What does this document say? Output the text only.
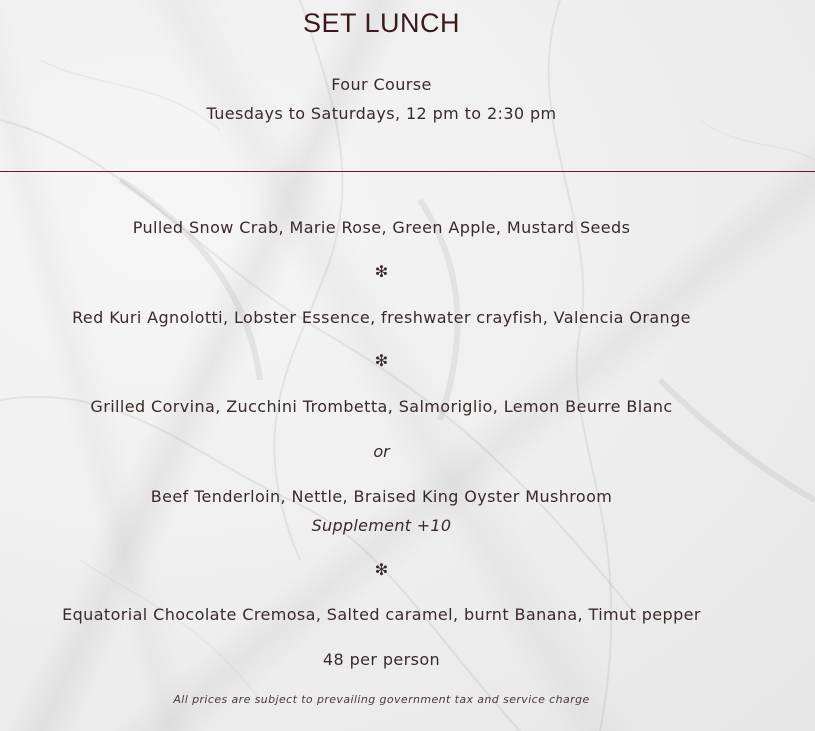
SET LUNCH
Four Course
Tuesdays to Saturdays, 12 pm to 2:30 pm
Pulled Snow Crab, Marie Rose, Green Apple, Mustard Seeds
❇
Red Kuri Agnolotti, Lobster Essence, freshwater crayfish, Valencia Orange
❇
Grilled Corvina, Zucchini Trombetta, Salmoriglio, Lemon Beurre Blanc
or
Beef Tenderloin, Nettle, Braised King Oyster Mushroom
Supplement +10
❇
Equatorial Chocolate Cremosa, Salted caramel, burnt Banana, Timut pepper
48 per person
All prices are subject to prevailing government tax and service charge
